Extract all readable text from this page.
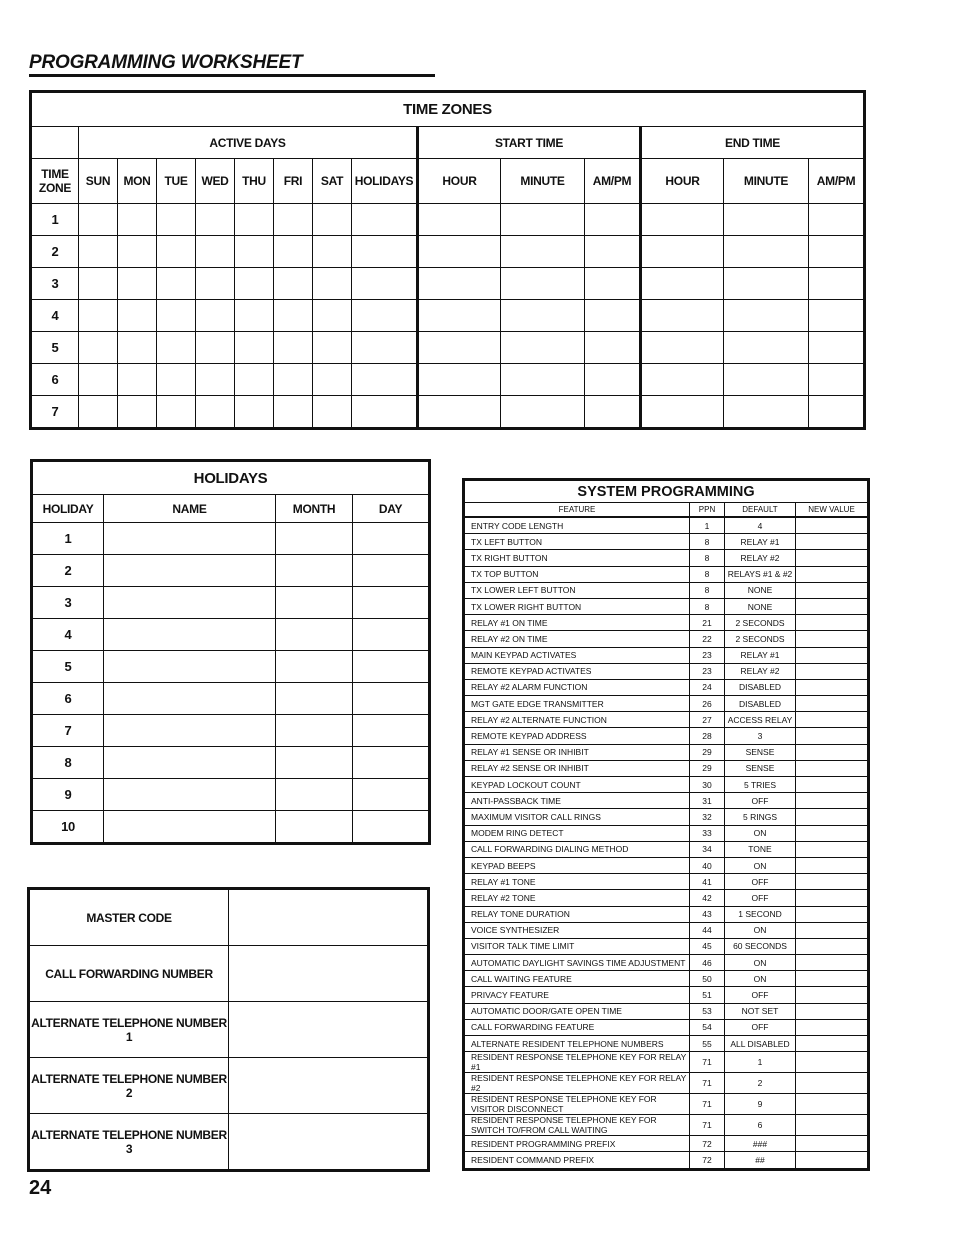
PROGRAMMING WORKSHEET
TIME ZONES														
	ACTIVE DAYS								START TIME			END TIME		
TIME
ZONE	SUN	MON	TUE	WED	THU	FRI	SAT	HOLIDAYS	HOUR	MINUTE	AM/PM	HOUR	MINUTE	AM/PM
1														
2														
3														
4														
5														
6														
7														
HOLIDAYS			
HOLIDAY	NAME	MONTH	DAY
1			
2			
3			
4			
5			
6			
7			
8			
9			
10			
MASTER CODE	
CALL FORWARDING NUMBER	
ALTERNATE TELEPHONE NUMBER 1	
ALTERNATE TELEPHONE NUMBER 2	
ALTERNATE TELEPHONE NUMBER 3	
SYSTEM PROGRAMMING			
FEATURE	PPN	DEFAULT	NEW VALUE
ENTRY CODE LENGTH	1	4	
TX LEFT BUTTON	8	RELAY #1	
TX RIGHT BUTTON	8	RELAY #2	
TX TOP BUTTON	8	RELAYS #1 & #2	
TX LOWER LEFT BUTTON	8	NONE	
TX LOWER RIGHT BUTTON	8	NONE	
RELAY #1 ON TIME	21	2 SECONDS	
RELAY #2 ON TIME	22	2 SECONDS	
MAIN KEYPAD ACTIVATES	23	RELAY #1	
REMOTE KEYPAD ACTIVATES	23	RELAY #2	
RELAY #2 ALARM FUNCTION	24	DISABLED	
MGT GATE EDGE TRANSMITTER	26	DISABLED	
RELAY #2 ALTERNATE FUNCTION	27	ACCESS RELAY	
REMOTE KEYPAD ADDRESS	28	3	
RELAY #1 SENSE OR INHIBIT	29	SENSE	
RELAY #2 SENSE OR INHIBIT	29	SENSE	
KEYPAD LOCKOUT COUNT	30	5 TRIES	
ANTI-PASSBACK TIME	31	OFF	
MAXIMUM VISITOR CALL RINGS	32	5 RINGS	
MODEM RING DETECT	33	ON	
CALL FORWARDING DIALING METHOD	34	TONE	
KEYPAD BEEPS	40	ON	
RELAY #1 TONE	41	OFF	
RELAY #2 TONE	42	OFF	
RELAY TONE DURATION	43	1 SECOND	
VOICE SYNTHESIZER	44	ON	
VISITOR TALK TIME LIMIT	45	60 SECONDS	
AUTOMATIC DAYLIGHT SAVINGS TIME ADJUSTMENT	46	ON	
CALL WAITING FEATURE	50	ON	
PRIVACY FEATURE	51	OFF	
AUTOMATIC DOOR/GATE OPEN TIME	53	NOT SET	
CALL FORWARDING FEATURE	54	OFF	
ALTERNATE RESIDENT TELEPHONE NUMBERS	55	ALL DISABLED	
RESIDENT RESPONSE TELEPHONE KEY FOR RELAY #1	71	1	
RESIDENT RESPONSE TELEPHONE KEY FOR RELAY #2	71	2	
RESIDENT RESPONSE TELEPHONE KEY FOR VISITOR DISCONNECT	71	9	
RESIDENT RESPONSE TELEPHONE KEY FOR SWITCH TO/FROM CALL WAITING	71	6	
RESIDENT PROGRAMMING PREFIX	72	###	
RESIDENT COMMAND PREFIX	72	##	
24
